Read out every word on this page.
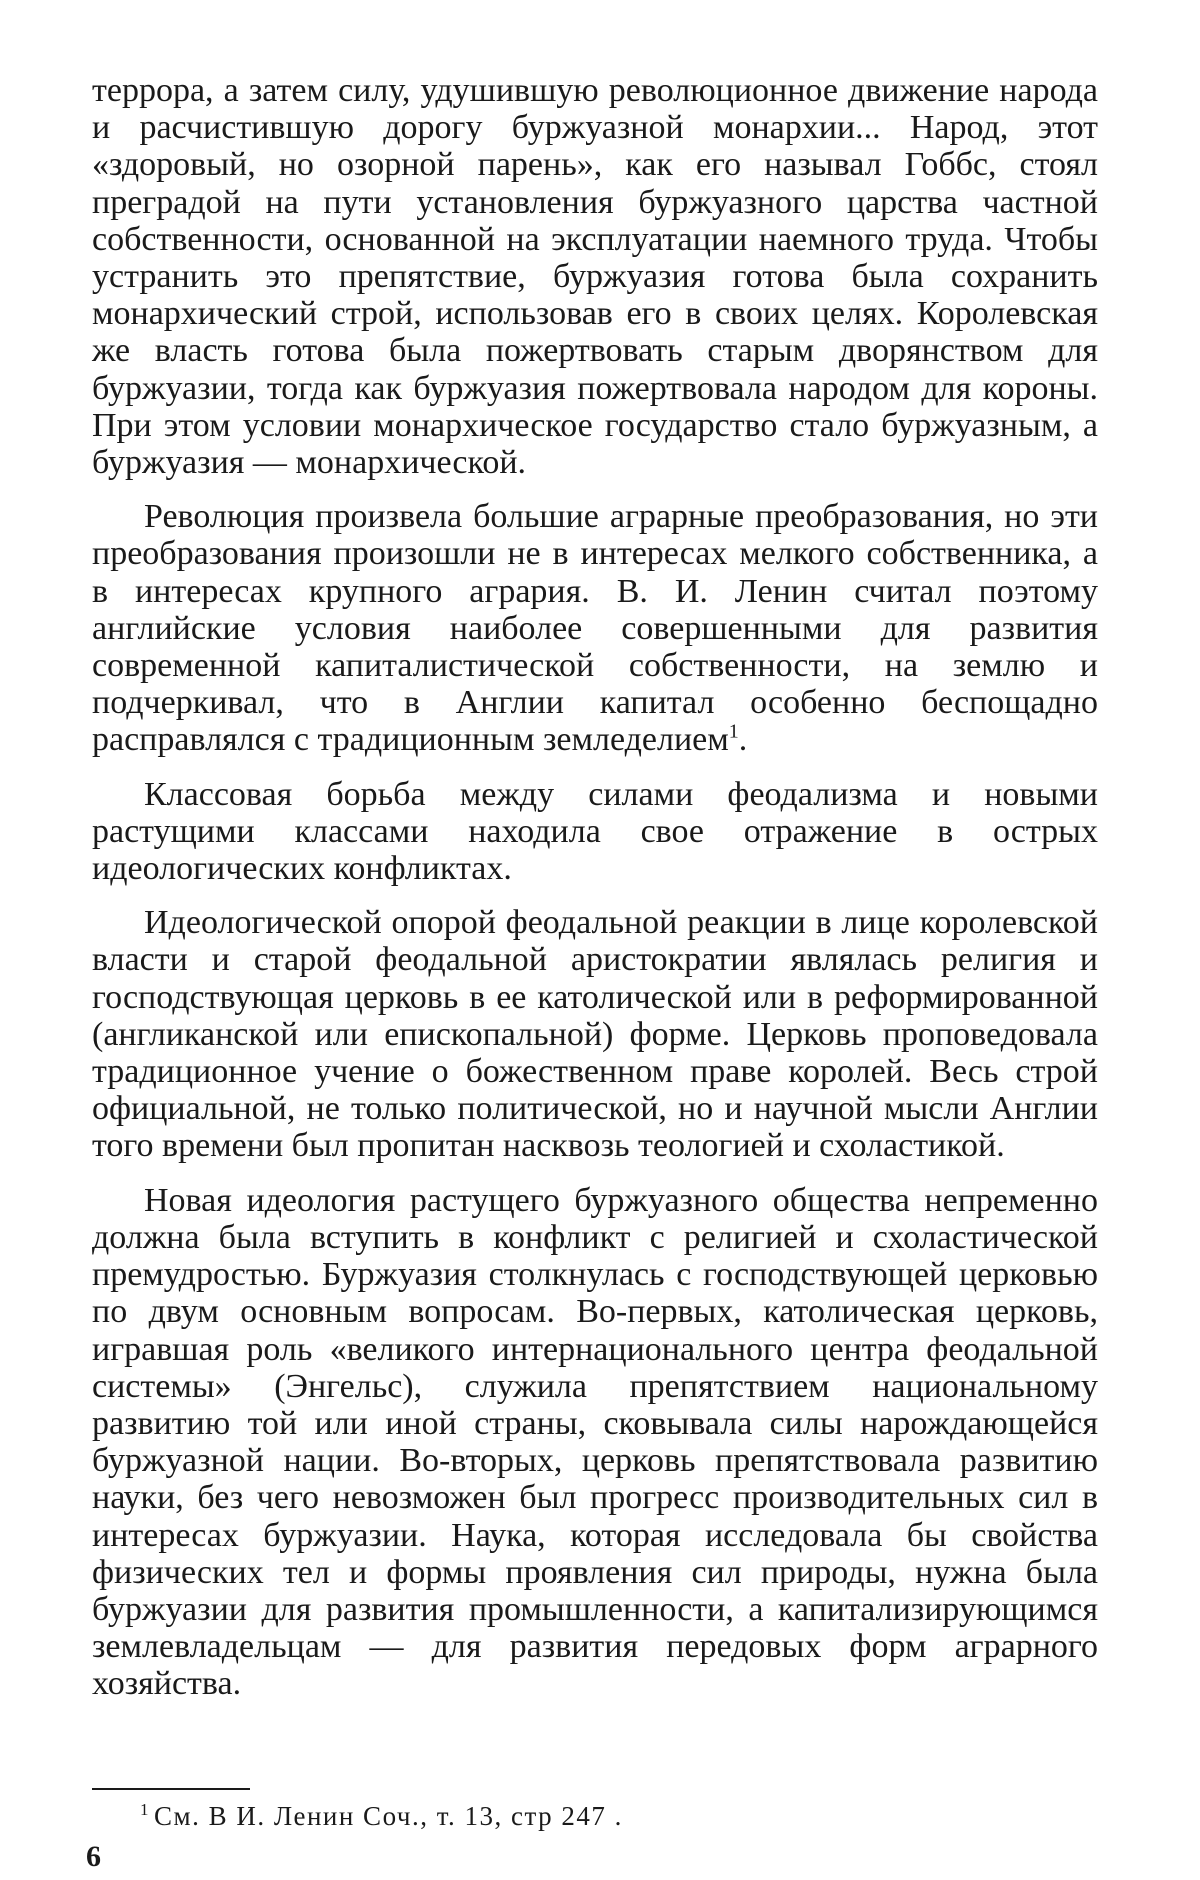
террора, а затем силу, удушившую революционное движение народа и расчистившую дорогу буржуазной монархии... Народ, этот «здоровый, но озорной парень», как его называл Гоббс, стоял преградой на пути установления буржуазного царства частной собственности, основанной на эксплуатации наемного труда. Чтобы устранить это препятствие, буржуазия готова была сохранить монархический строй, использовав его в своих целях. Королевская же власть готова была пожертвовать старым дворянством для буржуазии, тогда как буржуазия пожертвовала народом для короны. При этом условии монархическое государство стало буржуазным, а буржуазия — монархической.

Революция произвела большие аграрные преобразования, но эти преобразования произошли не в интересах мелкого собственника, а в интересах крупного агрария. В. И. Ленин считал поэтому английские условия наиболее совершенными для развития современной капиталистической собственности, на землю и подчеркивал, что в Англии капитал особенно беспощадно расправлялся с традиционным земледелием$^1$.

Классовая борьба между силами феодализма и новыми растущими классами находила свое отражение в острых идеологических конфликтах.

Идеологической опорой феодальной реакции в лице королевской власти и старой феодальной аристократии являлась религия и господствующая церковь в ее католической или в реформированной (англиканской или епископальной) форме. Церковь проповедовала традиционное учение о божественном праве королей. Весь строй официальной, не только политической, но и научной мысли Англии того времени был пропитан насквозь теологией и схоластикой.

Новая идеология растущего буржуазного общества непременно должна была вступить в конфликт с религией и схоластической премудростью. Буржуазия столкнулась с господствующей церковью по двум основным вопросам. Во-первых, католическая церковь, игравшая роль «великого интернационального центра феодальной системы» (Энгельс), служила препятствием национальному развитию той или иной страны, сковывала силы нарождающейся буржуазной нации. Во-вторых, церковь препятствовала развитию науки, без чего невозможен был прогресс производительных сил в интересах буржуазии. Наука, которая исследовала бы свойства физических тел и формы проявления сил природы, нужна была буржуазии для развития промышленности, а капитализирующимся землевладельцам — для развития передовых форм аграрного хозяйства.

$^1$ См. В И. Ленин Соч., т. 13, стр 247 .
6
